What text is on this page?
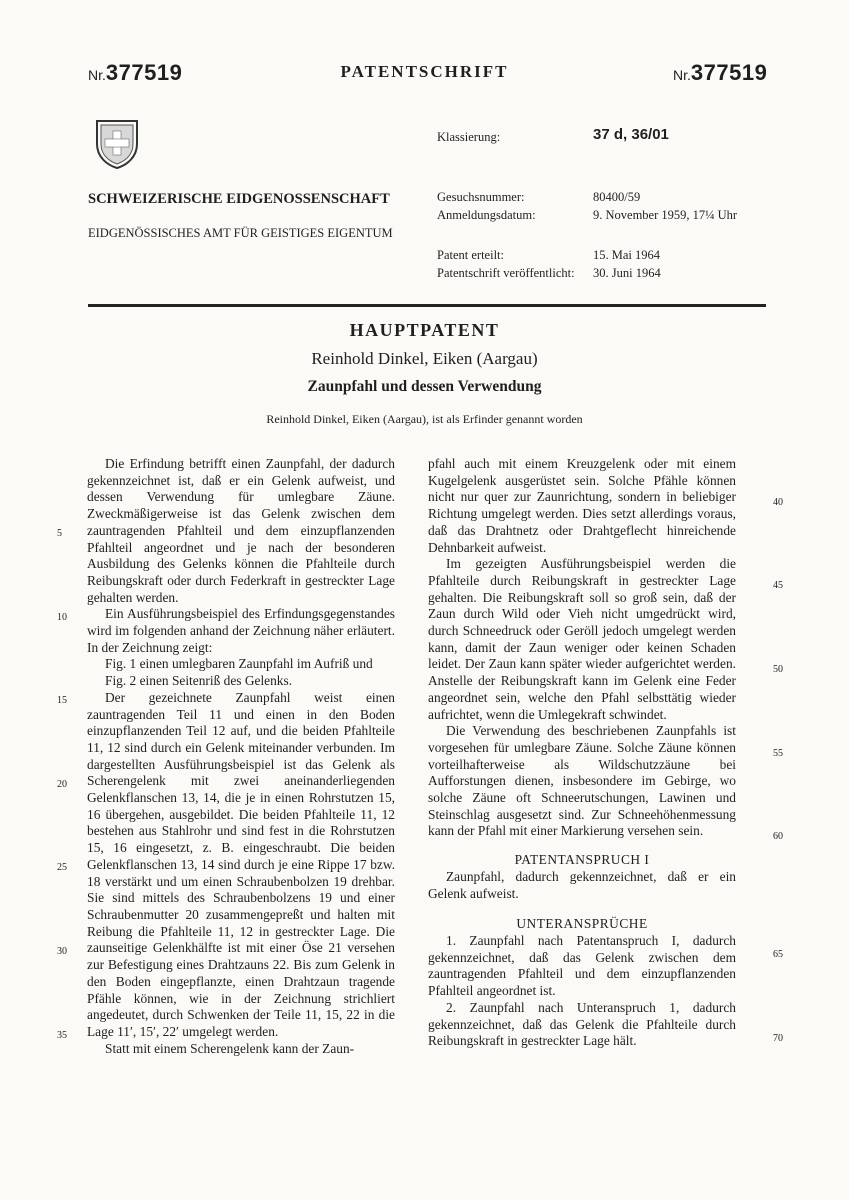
Nr.377519	PATENTSCHRIFT	Nr.377519
SCHWEIZERISCHE EIDGENOSSENSCHAFT
EIDGENÖSSISCHES AMT FÜR GEISTIGES EIGENTUM
Klassierung:	37 d, 36/01
Gesuchsnummer:	80400/59
Anmeldungsdatum:	9. November 1959, 17¼ Uhr
Patent erteilt:	15. Mai 1964
Patentschrift veröffentlicht: 30. Juni 1964
HAUPTPATENT
Reinhold Dinkel, Eiken (Aargau)
Zaunpfahl und dessen Verwendung
Reinhold Dinkel, Eiken (Aargau), ist als Erfinder genannt worden

Die Erfindung betrifft einen Zaunpfahl, der dadurch gekennzeichnet ist, daß er ein Gelenk aufweist, und dessen Verwendung für umlegbare Zäune. Zweckmäßigerweise ist das Gelenk zwischen dem zauntragenden Pfahlteil und dem einzupflanzenden Pfahlteil angeordnet und je nach der besonderen Ausbildung des Gelenks können die Pfahlteile durch Reibungskraft oder durch Federkraft in gestreckter Lage gehalten werden.

Ein Ausführungsbeispiel des Erfindungsgegenstandes wird im folgenden anhand der Zeichnung näher erläutert. In der Zeichnung zeigt:

Fig. 1 einen umlegbaren Zaunpfahl im Aufriß und

Fig. 2 einen Seitenriß des Gelenks.

Der gezeichnete Zaunpfahl weist einen zauntragenden Teil 11 und einen in den Boden einzupflanzenden Teil 12 auf, und die beiden Pfahlteile 11, 12 sind durch ein Gelenk miteinander verbunden. Im dargestellten Ausführungsbeispiel ist das Gelenk als Scherengelenk mit zwei aneinanderliegenden Gelenkflanschen 13, 14, die je in einen Rohrstutzen 15, 16 übergehen, ausgebildet. Die beiden Pfahlteile 11, 12 bestehen aus Stahlrohr und sind fest in die Rohrstutzen 15, 16 eingesetzt, z. B. eingeschraubt. Die beiden Gelenkflanschen 13, 14 sind durch je eine Rippe 17 bzw. 18 verstärkt und um einen Schraubenbolzen 19 drehbar. Sie sind mittels des Schraubenbolzens 19 und einer Schraubenmutter 20 zusammengepreßt und halten mit Reibung die Pfahlteile 11, 12 in gestreckter Lage. Die zaunseitige Gelenkhälfte ist mit einer Öse 21 versehen zur Befestigung eines Drahtzauns 22. Bis zum Gelenk in den Boden eingepflanzte, einen Drahtzaun tragende Pfähle können, wie in der Zeichnung strichliert angedeutet, durch Schwenken der Teile 11, 15, 22 in die Lage 11′, 15′, 22′ umgelegt werden.

Statt mit einem Scherengelenk kann der Zaun-

pfahl auch mit einem Kreuzgelenk oder mit einem Kugelgelenk ausgerüstet sein. Solche Pfähle können nicht nur quer zur Zaunrichtung, sondern in beliebiger Richtung umgelegt werden. Dies setzt allerdings voraus, daß das Drahtnetz oder Drahtgeflecht hinreichende Dehnbarkeit aufweist.

Im gezeigten Ausführungsbeispiel werden die Pfahlteile durch Reibungskraft in gestreckter Lage gehalten. Die Reibungskraft soll so groß sein, daß der Zaun durch Wild oder Vieh nicht umgedrückt wird, durch Schneedruck oder Geröll jedoch umgelegt werden kann, damit der Zaun weniger oder keinen Schaden leidet. Der Zaun kann später wieder aufgerichtet werden. Anstelle der Reibungskraft kann im Gelenk eine Feder angeordnet sein, welche den Pfahl selbsttätig wieder aufrichtet, wenn die Umlegekraft schwindet.

Die Verwendung des beschriebenen Zaunpfahls ist vorgesehen für umlegbare Zäune. Solche Zäune können vorteilhafterweise als Wildschutzzäune bei Aufforstungen dienen, insbesondere im Gebirge, wo solche Zäune oft Schneerutschungen, Lawinen und Steinschlag ausgesetzt sind. Zur Schneehöhenmessung kann der Pfahl mit einer Markierung versehen sein.

PATENTANSPRUCH I

Zaunpfahl, dadurch gekennzeichnet, daß er ein Gelenk aufweist.

UNTERANSPRÜCHE

1. Zaunpfahl nach Patentanspruch I, dadurch gekennzeichnet, daß das Gelenk zwischen dem zauntragenden Pfahlteil und dem einzupflanzenden Pfahlteil angeordnet ist.

2. Zaunpfahl nach Unteranspruch 1, dadurch gekennzeichnet, daß das Gelenk die Pfahlteile durch Reibungskraft in gestreckter Lage hält.

5
10
15
20
25
30
35
40
45
50
55
60
65
70
